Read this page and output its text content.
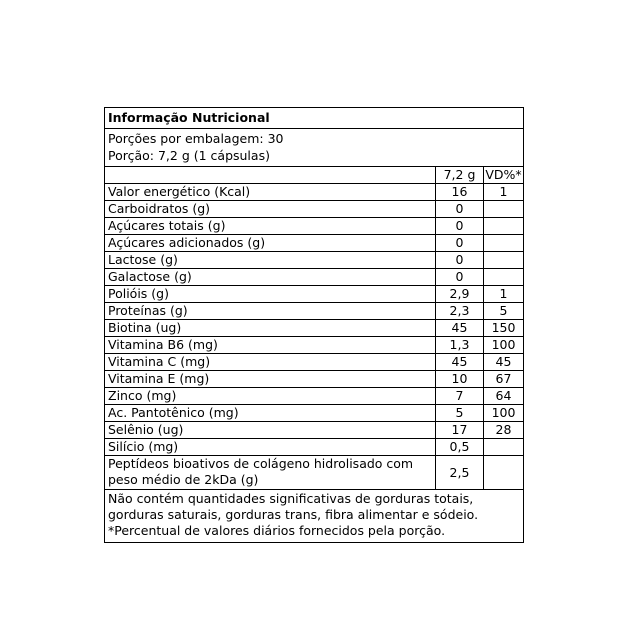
Informação Nutricional
Porções por embalagem: 30
Porção: 7,2 g (1 cápsulas)
7,2 g VD%*
Valor energético (Kcal)	16	1
Carboidratos (g)	0
Açúcares totais (g)	0
Açúcares adicionados (g)	0
Lactose (g)	0
Galactose (g)	0
Polióis (g)	2,9	1
Proteínas (g)	2,3	5
Biotina (ug)	45	150
Vitamina B6 (mg)	1,3	100
Vitamina C (mg)	45	45
Vitamina E (mg)	10	67
Zinco (mg)	7	64
Ac. Pantotênico (mg)	5	100
Selênio (ug)	17	28
Silício (mg)	0,5
Peptídeos bioativos de colágeno hidrolisado com peso médio de 2kDa (g)	2,5
Não contém quantidades significativas de gorduras totais, gorduras saturais, gorduras trans, fibra alimentar e sódeio.
*Percentual de valores diários fornecidos pela porção.
